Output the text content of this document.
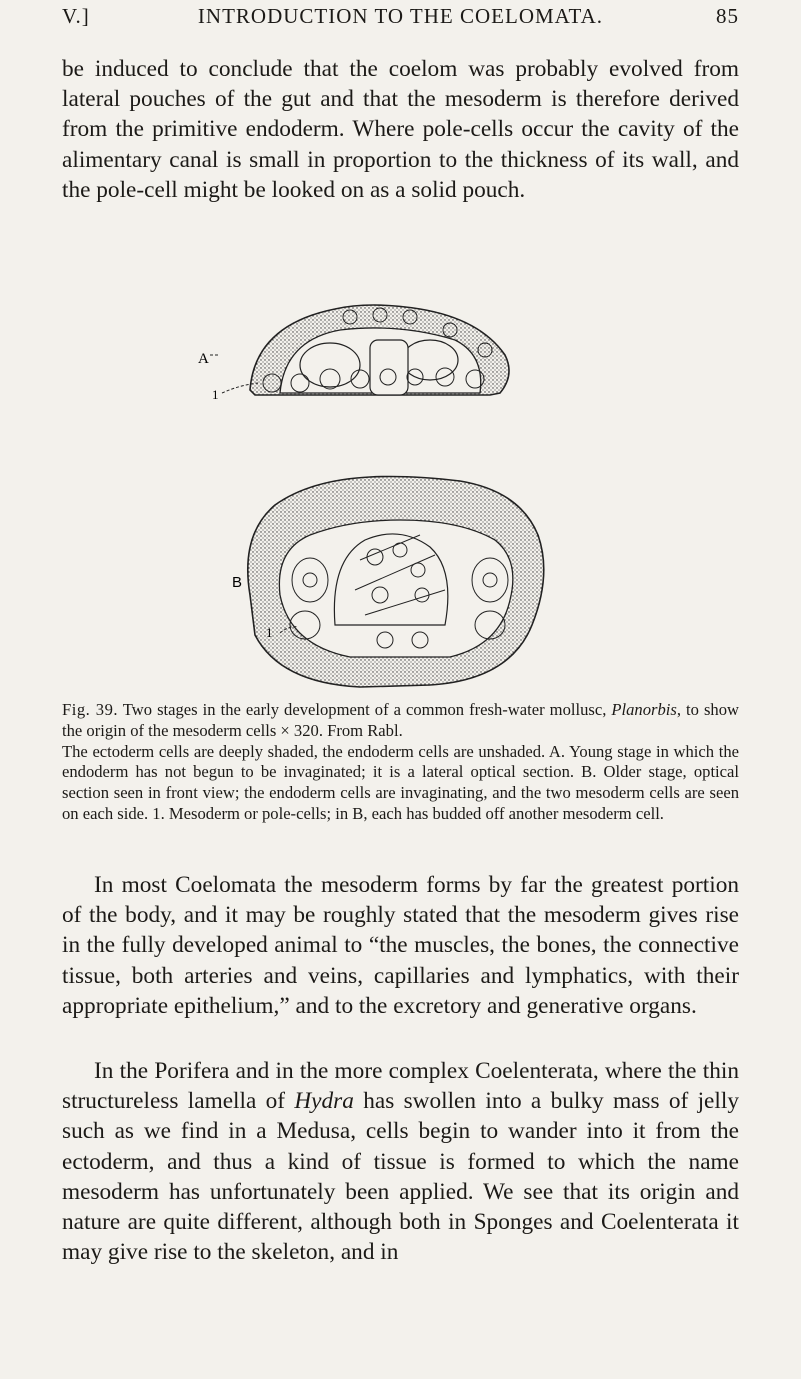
V.]	INTRODUCTION TO THE COELOMATA.	85

be induced to conclude that the coelom was probably evolved from lateral pouches of the gut and that the mesoderm is therefore derived from the primitive endoderm. Where pole-cells occur the cavity of the alimentary canal is small in proportion to the thickness of its wall, and the pole-cell might be looked on as a solid pouch.

A
1
B
1

Fig. 39. Two stages in the early development of a common fresh-water mollusc, Planorbis, to show the origin of the mesoderm cells × 320. From Rabl.

The ectoderm cells are deeply shaded, the endoderm cells are unshaded. A. Young stage in which the endoderm has not begun to be invaginated; it is a lateral optical section. B. Older stage, optical section seen in front view; the endoderm cells are invaginating, and the two mesoderm cells are seen on each side. 1. Mesoderm or pole-cells; in B, each has budded off another mesoderm cell.

In most Coelomata the mesoderm forms by far the greatest portion of the body, and it may be roughly stated that the mesoderm gives rise in the fully developed animal to “the muscles, the bones, the connective tissue, both arteries and veins, capillaries and lymphatics, with their appropriate epithelium,” and to the excretory and generative organs.

In the Porifera and in the more complex Coelenterata, where the thin structureless lamella of Hydra has swollen into a bulky mass of jelly such as we find in a Medusa, cells begin to wander into it from the ectoderm, and thus a kind of tissue is formed to which the name mesoderm has unfortunately been applied. We see that its origin and nature are quite different, although both in Sponges and Coelenterata it may give rise to the skeleton, and in
